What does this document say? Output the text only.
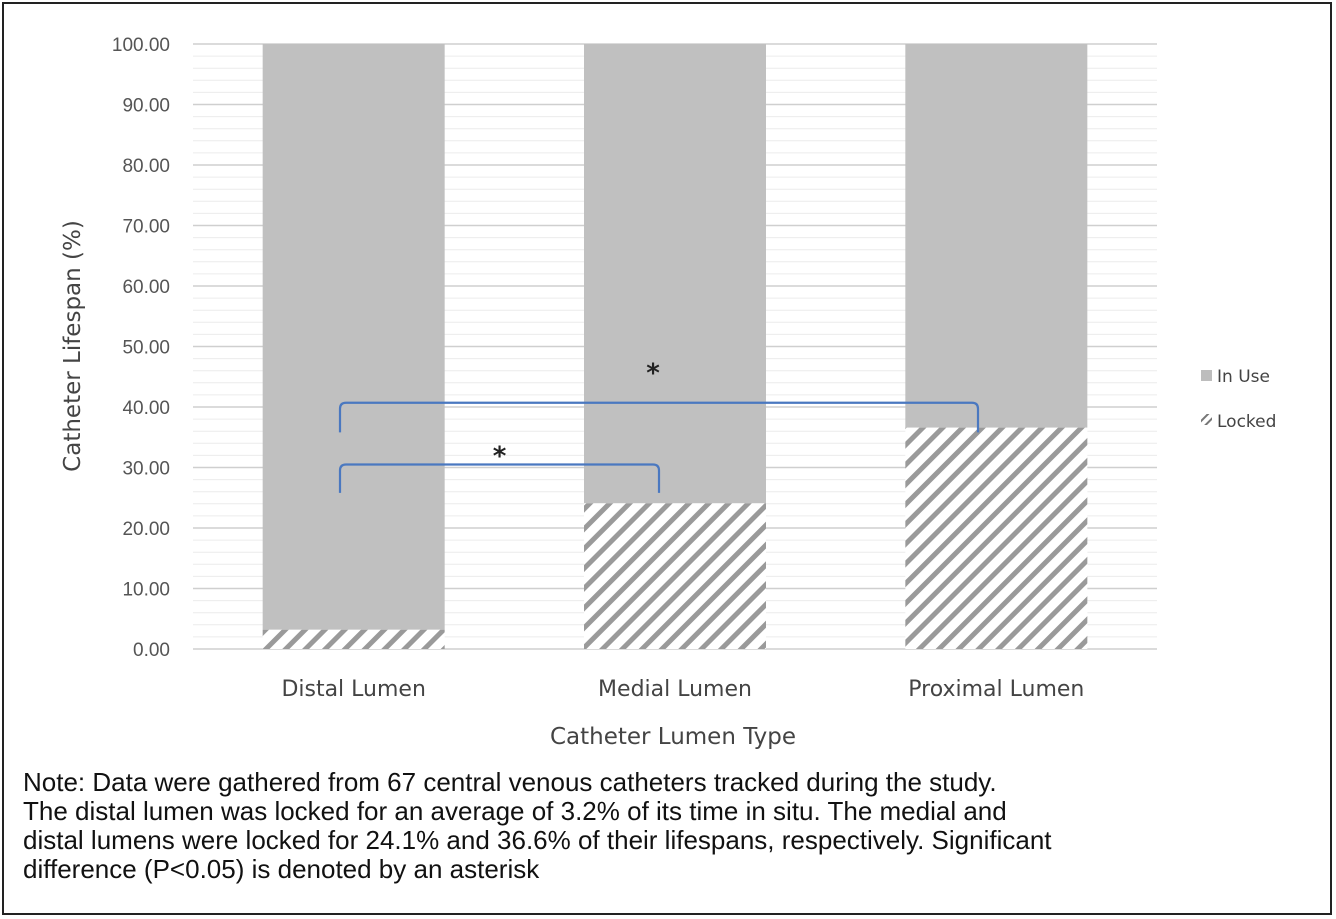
0.00
10.00
20.00
30.00
40.00
50.00
60.00
70.00
80.00
90.00
100.00
Distal Lumen	Medial Lumen	Proximal Lumen
*
*
Catheter Lifespan (%)
Catheter Lumen Type
In Use
Locked
Note: Data were gathered from 67 central venous catheters tracked during the study.
The distal lumen was locked for an average of 3.2% of its time in situ. The medial and
distal lumens were locked for 24.1% and 36.6% of their lifespans, respectively. Significant
difference (P<0.05) is denoted by an asterisk
